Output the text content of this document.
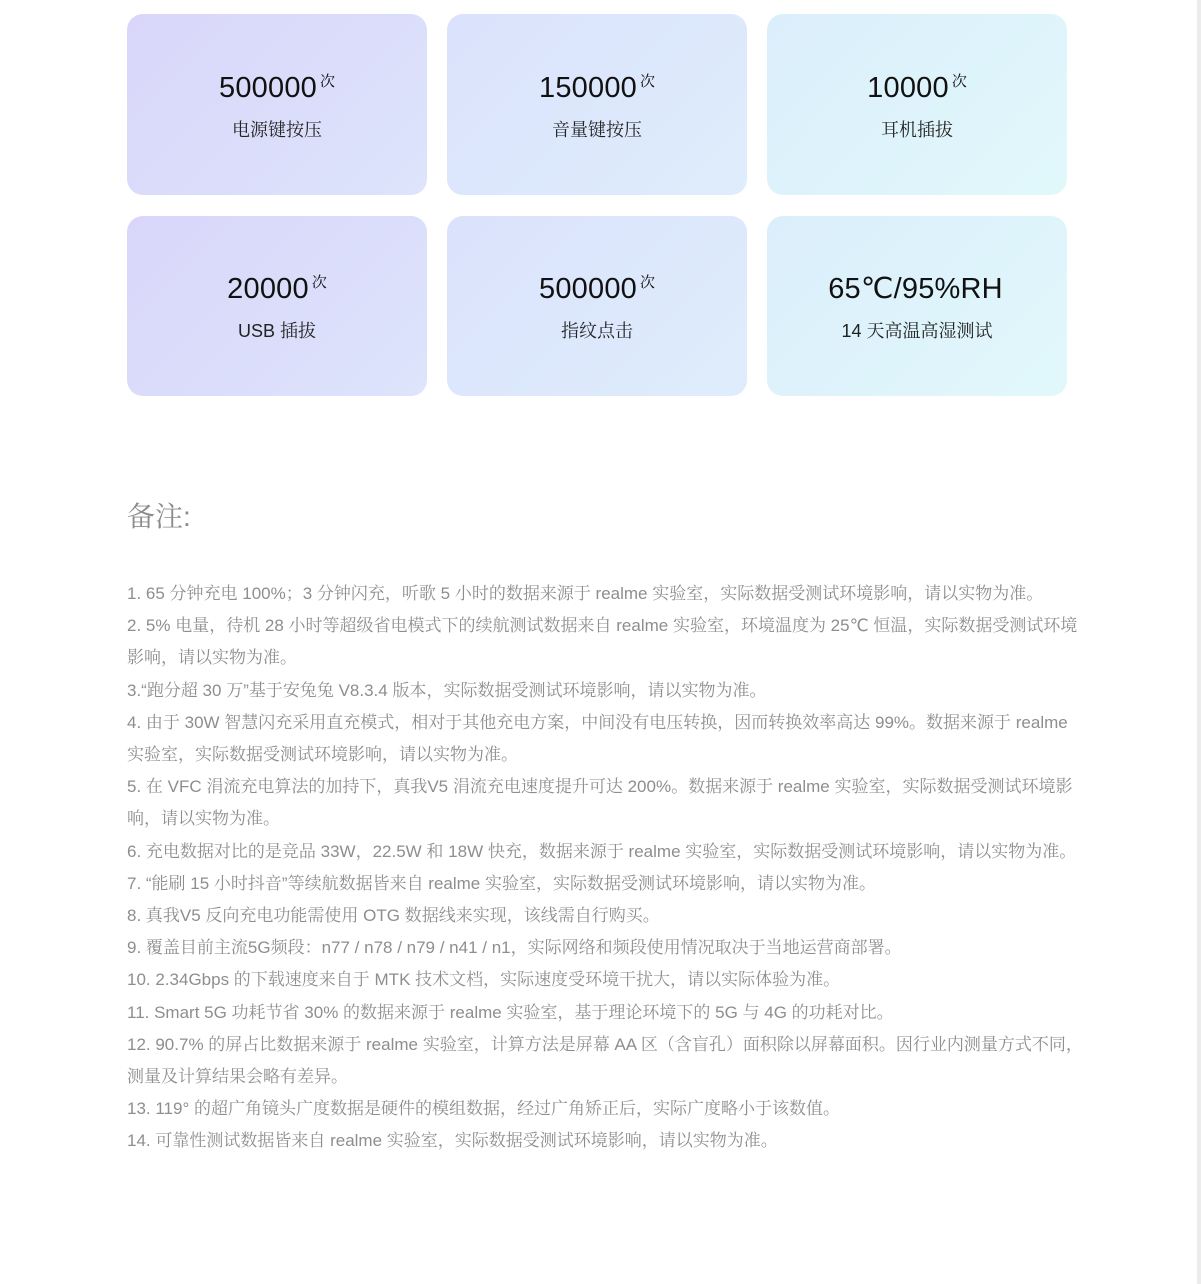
500000 次
电源键按压
150000 次
音量键按压
10000 次
耳机插拔
20000 次
USB 插拔
500000 次
指纹点击
65℃/95%RH
14 天高温高湿测试
备注:
1. 65 分钟充电 100%；3 分钟闪充，听歌 5 小时的数据来源于 realme 实验室，实际数据受测试环境影响，请以实物为准。
2. 5% 电量，待机 28 小时等超级省电模式下的续航测试数据来自 realme 实验室，环境温度为 25℃ 恒温，实际数据受测试环境影响，请以实物为准。
3.“跑分超 30 万”基于安兔兔 V8.3.4 版本，实际数据受测试环境影响，请以实物为准。
4. 由于 30W 智慧闪充采用直充模式，相对于其他充电方案，中间没有电压转换，因而转换效率高达 99%。数据来源于 realme 实验室，实际数据受测试环境影响，请以实物为准。
5. 在 VFC 涓流充电算法的加持下，真我V5 涓流充电速度提升可达 200%。数据来源于 realme 实验室，实际数据受测试环境影响，请以实物为准。
6. 充电数据对比的是竞品 33W，22.5W 和 18W 快充，数据来源于 realme 实验室，实际数据受测试环境影响，请以实物为准。
7. “能刷 15 小时抖音”等续航数据皆来自 realme 实验室，实际数据受测试环境影响，请以实物为准。
8. 真我V5 反向充电功能需使用 OTG 数据线来实现，该线需自行购买。
9. 覆盖目前主流5G频段：n77 / n78 / n79 / n41 / n1，实际网络和频段使用情况取决于当地运营商部署。
10. 2.34Gbps 的下载速度来自于 MTK 技术文档，实际速度受环境干扰大，请以实际体验为准。
11. Smart 5G 功耗节省 30% 的数据来源于 realme 实验室，基于理论环境下的 5G 与 4G 的功耗对比。
12. 90.7% 的屏占比数据来源于 realme 实验室，计算方法是屏幕 AA 区（含盲孔）面积除以屏幕面积。因行业内测量方式不同，测量及计算结果会略有差异。
13. 119° 的超广角镜头广度数据是硬件的模组数据，经过广角矫正后，实际广度略小于该数值。
14. 可靠性测试数据皆来自 realme 实验室，实际数据受测试环境影响，请以实物为准。
